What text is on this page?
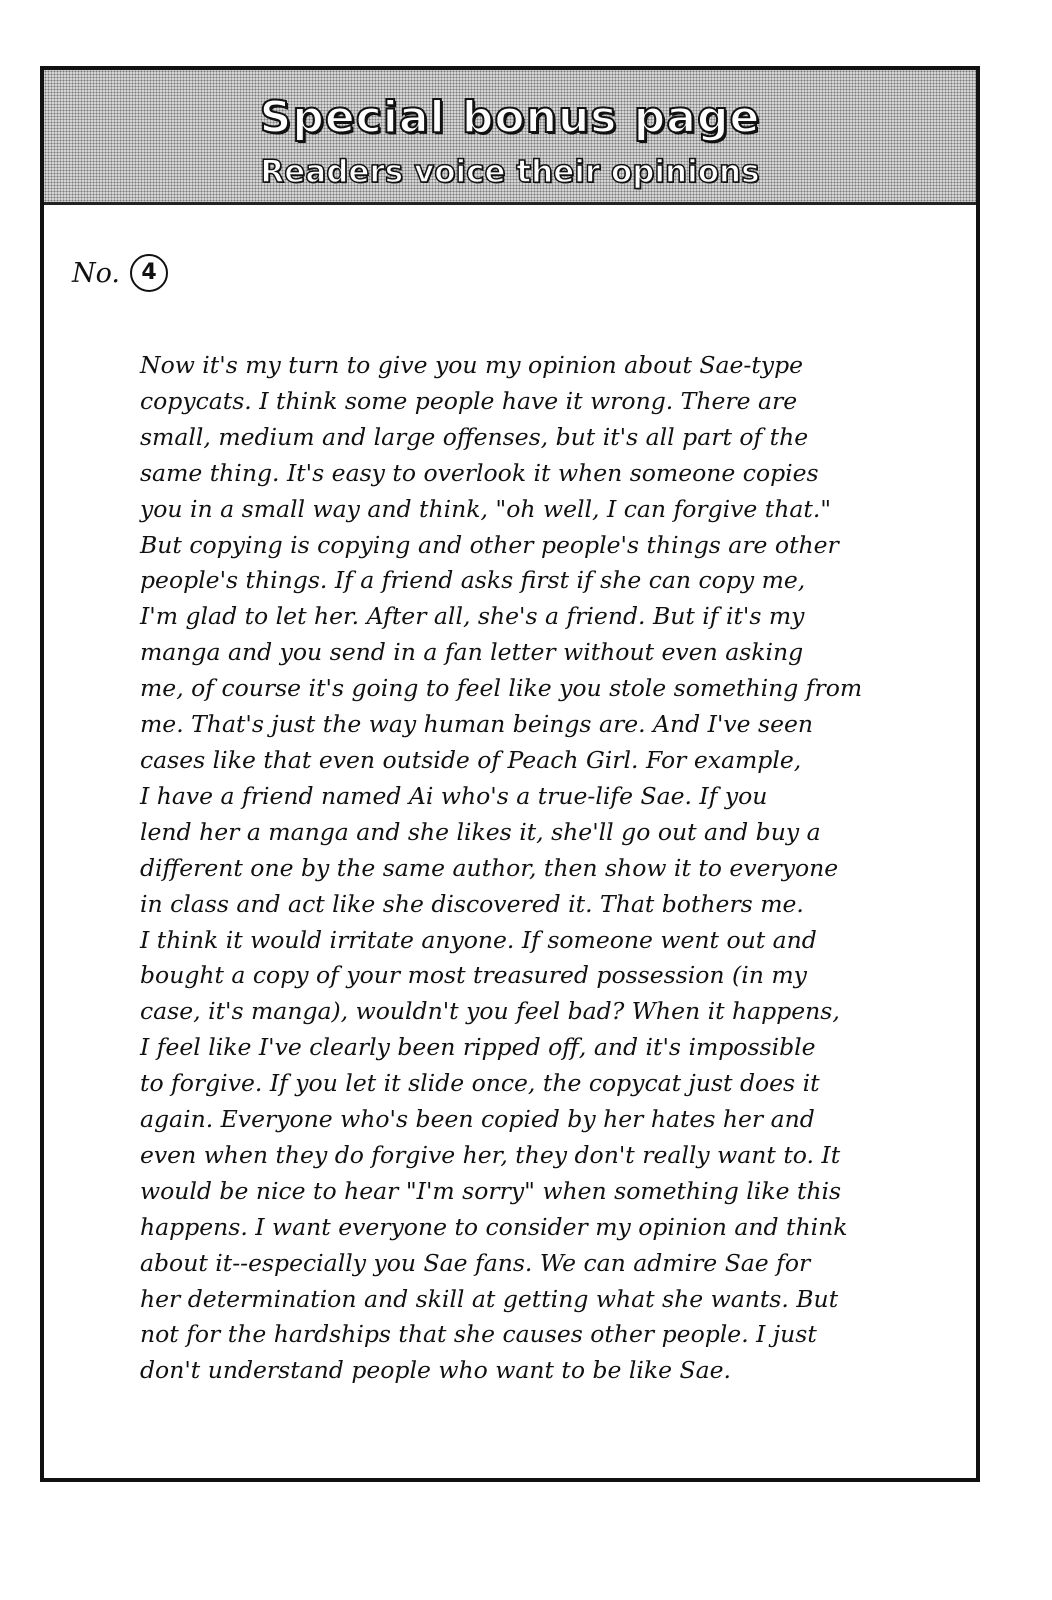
Special bonus page
Readers voice their opinions
No. 4
Now it's my turn to give you my opinion about Sae-type
copycats. I think some people have it wrong. There are
small, medium and large offenses, but it's all part of the
same thing. It's easy to overlook it when someone copies
you in a small way and think, "oh well, I can forgive that."
But copying is copying and other people's things are other
people's things. If a friend asks first if she can copy me,
I'm glad to let her. After all, she's a friend. But if it's my
manga and you send in a fan letter without even asking
me, of course it's going to feel like you stole something from
me. That's just the way human beings are. And I've seen
cases like that even outside of Peach Girl. For example,
I have a friend named Ai who's a true-life Sae. If you
lend her a manga and she likes it, she'll go out and buy a
different one by the same author, then show it to everyone
in class and act like she discovered it. That bothers me.
I think it would irritate anyone. If someone went out and
bought a copy of your most treasured possession (in my
case, it's manga), wouldn't you feel bad? When it happens,
I feel like I've clearly been ripped off, and it's impossible
to forgive. If you let it slide once, the copycat just does it
again. Everyone who's been copied by her hates her and
even when they do forgive her, they don't really want to. It
would be nice to hear "I'm sorry" when something like this
happens. I want everyone to consider my opinion and think
about it--especially you Sae fans. We can admire Sae for
her determination and skill at getting what she wants. But
not for the hardships that she causes other people. I just
don't understand people who want to be like Sae.
